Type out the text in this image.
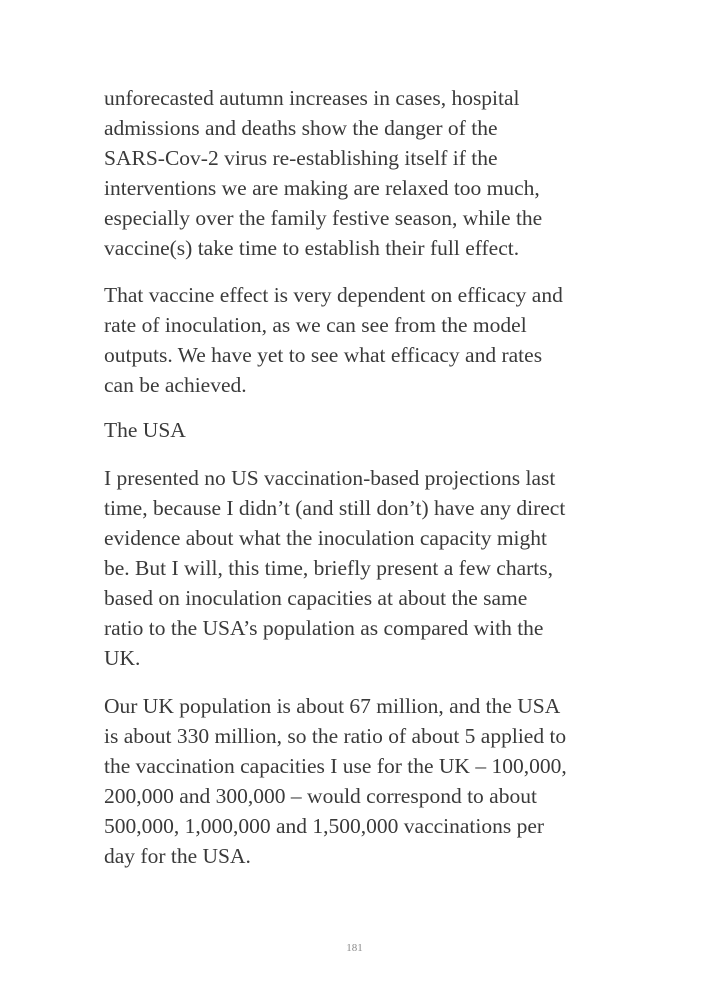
unforecasted autumn increases in cases, hospital
admissions and deaths show the danger of the
SARS-Cov-2 virus re-establishing itself if the
interventions we are making are relaxed too much,
especially over the family festive season, while the
vaccine(s) take time to establish their full effect.
That vaccine effect is very dependent on efficacy and
rate of inoculation, as we can see from the model
outputs. We have yet to see what efficacy and rates
can be achieved.
The USA
I presented no US vaccination-based projections last
time, because I didn’t (and still don’t) have any direct
evidence about what the inoculation capacity might
be. But I will, this time, briefly present a few charts,
based on inoculation capacities at about the same
ratio to the USA’s population as compared with the
UK.
Our UK population is about 67 million, and the USA
is about 330 million, so the ratio of about 5 applied to
the vaccination capacities I use for the UK – 100,000,
200,000 and 300,000 – would correspond to about
500,000, 1,000,000 and 1,500,000 vaccinations per
day for the USA.
181
